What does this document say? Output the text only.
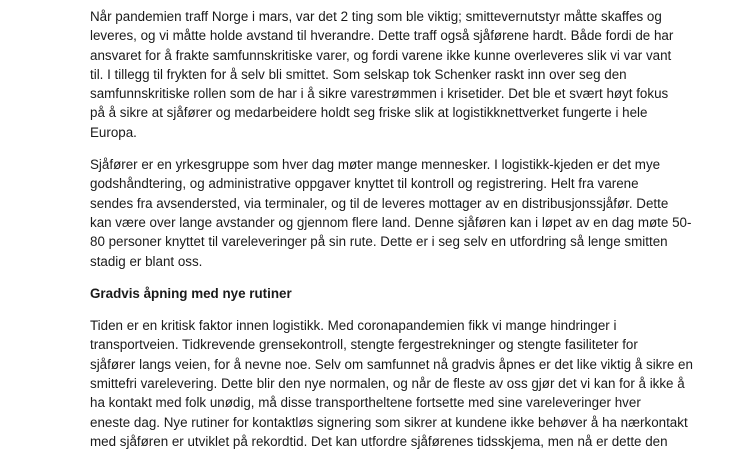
Når pandemien traff Norge i mars, var det 2 ting som ble viktig; smittevernutstyr måtte skaffes og
leveres, og vi måtte holde avstand til hverandre. Dette traff også sjåførene hardt. Både fordi de har
ansvaret for å frakte samfunnskritiske varer, og fordi varene ikke kunne overleveres slik vi var vant
til. I tillegg til frykten for å selv bli smittet. Som selskap tok Schenker raskt inn over seg den
samfunnskritiske rollen som de har i å sikre varestrømmen i krisetider. Det ble et svært høyt fokus
på å sikre at sjåfører og medarbeidere holdt seg friske slik at logistikknettverket fungerte i hele
Europa.

Sjåfører er en yrkesgruppe som hver dag møter mange mennesker. I logistikk-kjeden er det mye
godshåndtering, og administrative oppgaver knyttet til kontroll og registrering. Helt fra varene
sendes fra avsendersted, via terminaler, og til de leveres mottager av en distribusjonssjåfør. Dette
kan være over lange avstander og gjennom flere land. Denne sjåføren kan i løpet av en dag møte 50-
80 personer knyttet til vareleveringer på sin rute. Dette er i seg selv en utfordring så lenge smitten
stadig er blant oss.

Gradvis åpning med nye rutiner

Tiden er en kritisk faktor innen logistikk. Med coronapandemien fikk vi mange hindringer i
transportveien. Tidkrevende grensekontroll, stengte fergestrekninger og stengte fasiliteter for
sjåfører langs veien, for å nevne noe. Selv om samfunnet nå gradvis åpnes er det like viktig å sikre en
smittefri varelevering. Dette blir den nye normalen, og når de fleste av oss gjør det vi kan for å ikke å
ha kontakt med folk unødig, må disse transportheltene fortsette med sine vareleveringer hver
eneste dag. Nye rutiner for kontaktløs signering som sikrer at kundene ikke behøver å ha nærkontakt
med sjåføren er utviklet på rekordtid. Det kan utfordre sjåførenes tidsskjema, men nå er dette den
